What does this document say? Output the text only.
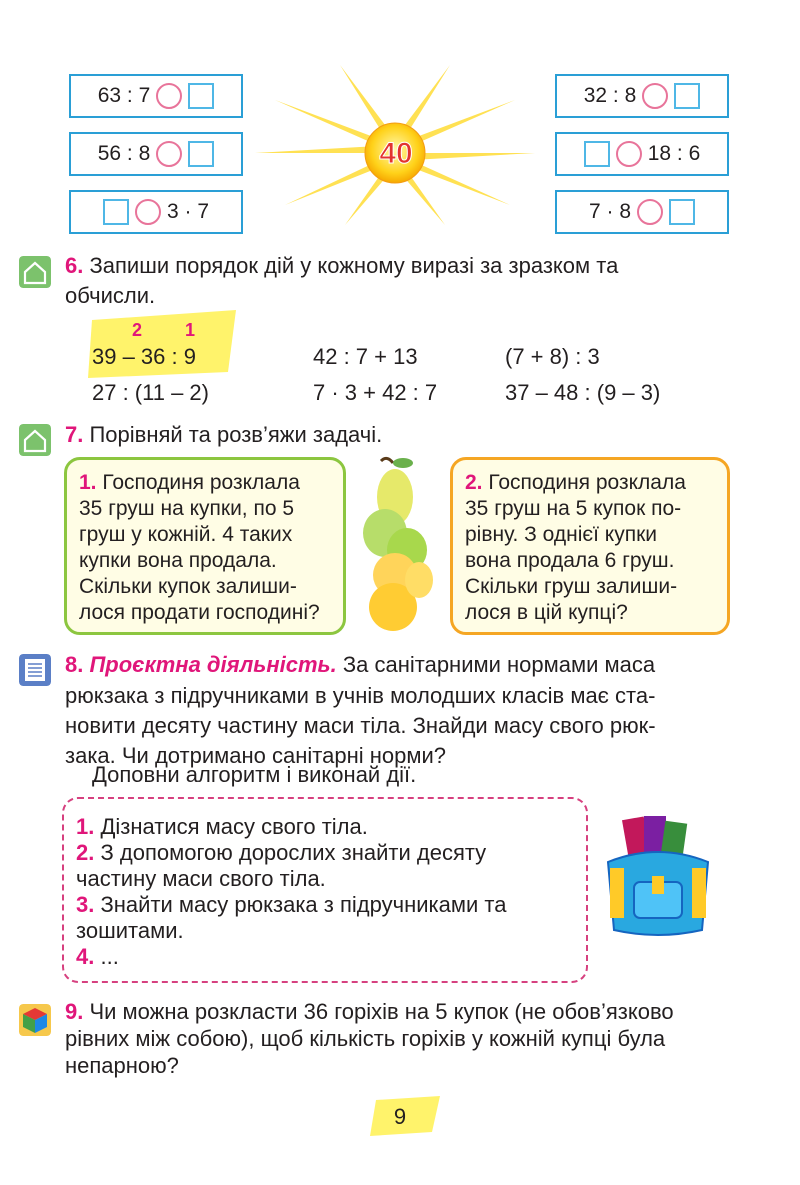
63 : 7
56 : 8
3 · 7
32 : 8
18 : 6
7 · 8
40
6. Запиши порядок дій у кожному виразі за зразком та
обчисли.
2 1
39 – 36 : 9	42 : 7 + 13	(7 + 8) : 3
27 : (11 – 2)	7 · 3 + 42 : 7	37 – 48 : (9 – 3)
7. Порівняй та розв’яжи задачі.
1. Господиня розклала
35 груш на купки, по 5
груш у кожній. 4 таких
купки вона продала.
Скільки купок залиши-
лося продати господині?
2. Господиня розклала
35 груш на 5 купок по-
рівну. З однієї купки
вона продала 6 груш.
Скільки груш залиши-
лося в цій купці?
8. Проєктна діяльність. За санітарними нормами маса
рюкзака з підручниками в учнів молодших класів має ста-
новити десяту частину маси тіла. Знайди масу свого рюк-
зака. Чи дотримано санітарні норми?
Доповни алгоритм і виконай дії.
1. Дізнатися масу свого тіла.
2. З допомогою дорослих знайти десяту
частину маси свого тіла.
3. Знайти масу рюкзака з підручниками та
зошитами.
4. ...
9. Чи можна розкласти 36 горіхів на 5 купок (не обов’язково
рівних між собою), щоб кількість горіхів у кожній купці була
непарною?
9
